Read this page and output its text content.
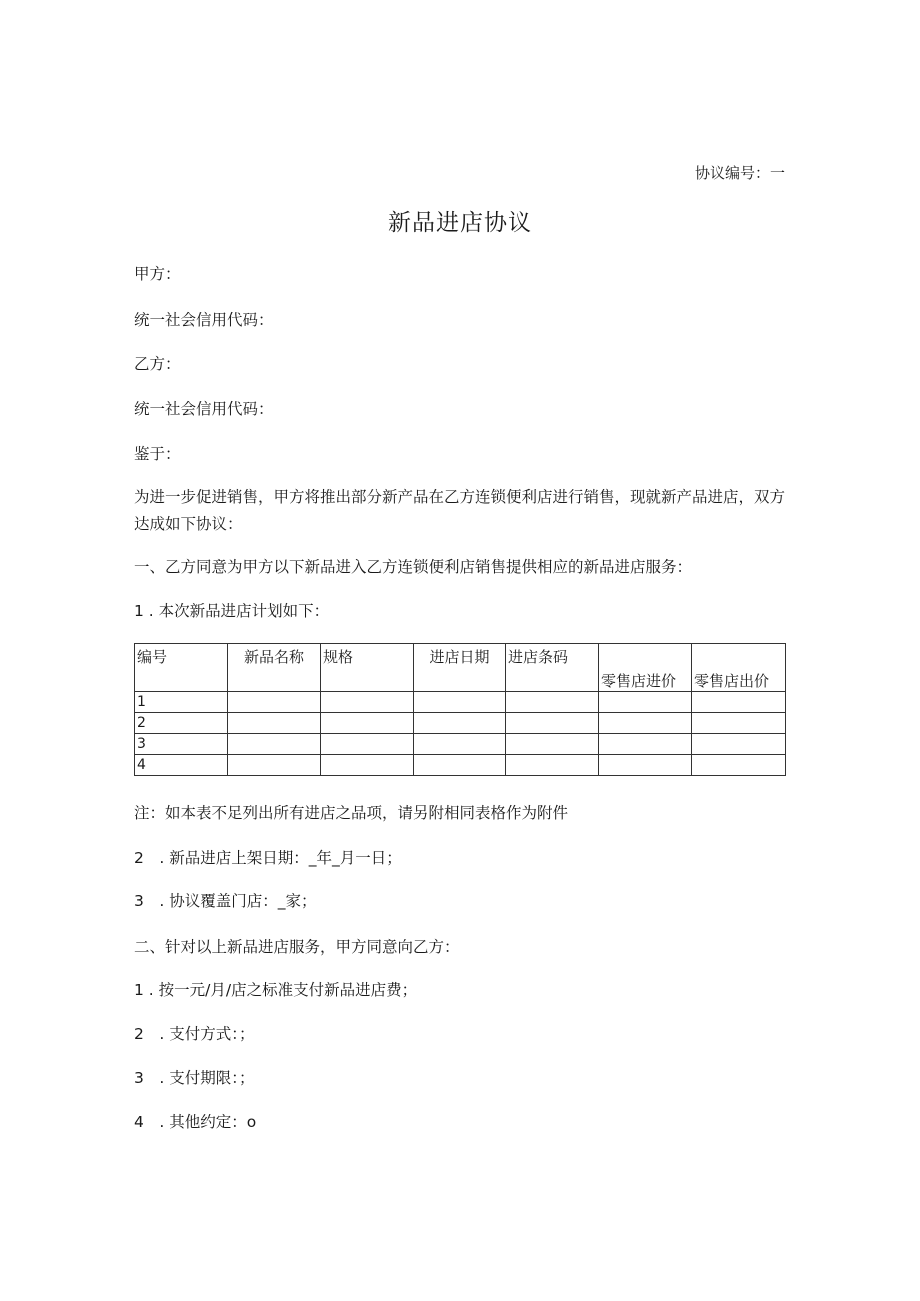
协议编号：一
新品进店协议
甲方：
统一社会信用代码：
乙方：
统一社会信用代码：
鉴于：
为进一步促进销售，甲方将推出部分新产品在乙方连锁便利店进行销售，现就新产品进店，双方达成如下协议：
一、乙方同意为甲方以下新品进入乙方连锁便利店销售提供相应的新品进店服务：
1 . 本次新品进店计划如下：
编号	新品名称	规格	进店日期	进店条码	零售店进价	零售店出价

1						
2						
3						
4						
注：如本表不足列出所有进店之品项，请另附相同表格作为附件
2　. 新品进店上架日期：_年_月一日；
3　. 协议覆盖门店：_家；
二、针对以上新品进店服务，甲方同意向乙方：
1 . 按一元/月/店之标准支付新品进店费；
2　. 支付方式：；
3　. 支付期限：；
4　. 其他约定：o
